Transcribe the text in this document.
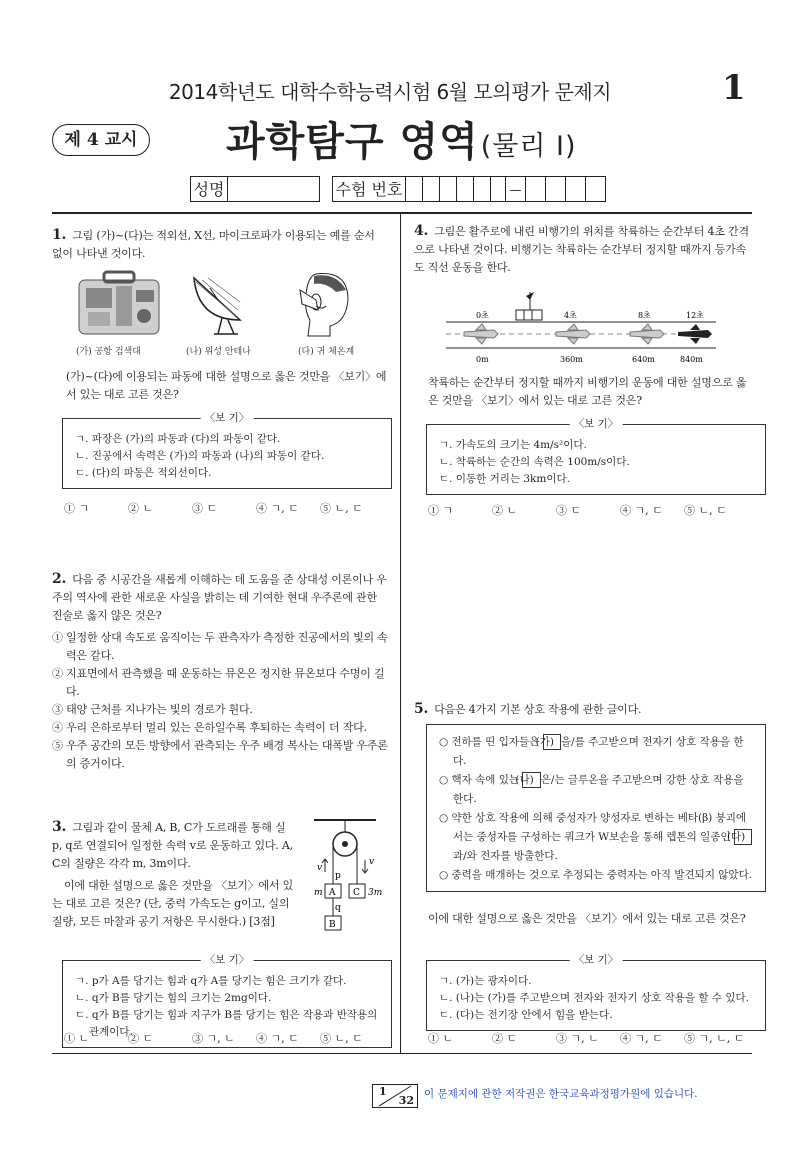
2014학년도 대학수학능력시험 6월 모의평가 문제지	1
제 4 교시	과학탐구 영역(물리 I)
성명	수험 번호	—
1. 그림 (가)~(다)는 적외선, X선, 마이크로파가 이용되는 예를 순서 없이 나타낸 것이다.
(가) 공항 검색대	(나) 위성 안테나	(다) 귀 체온계
(가)~(다)에 이용되는 파동에 대한 설명으로 옳은 것만을 〈보기〉에서 있는 대로 고른 것은?
〈보 기〉
ㄱ. 파장은 (가)의 파동과 (다)의 파동이 같다.
ㄴ. 진공에서 속력은 (가)의 파동과 (나)의 파동이 같다.
ㄷ. (다)의 파동은 적외선이다.
① ㄱ	② ㄴ	③ ㄷ	④ ㄱ, ㄷ	⑤ ㄴ, ㄷ
2. 다음 중 시공간을 새롭게 이해하는 데 도움을 준 상대성 이론이나 우주의 역사에 관한 새로운 사실을 밝히는 데 기여한 현대 우주론에 관한 진술로 옳지 않은 것은?
① 일정한 상대 속도로 움직이는 두 관측자가 측정한 진공에서의 빛의 속력은 같다.
② 지표면에서 관측했을 때 운동하는 뮤온은 정지한 뮤온보다 수명이 길다.
③ 태양 근처를 지나가는 빛의 경로가 휜다.
④ 우리 은하로부터 멀리 있는 은하일수록 후퇴하는 속력이 더 작다.
⑤ 우주 공간의 모든 방향에서 관측되는 우주 배경 복사는 대폭발 우주론의 증거이다.
3. 그림과 같이 물체 A, B, C가 도르래를 통해 실 p, q로 연결되어 일정한 속력 v로 운동하고 있다. A, C의 질량은 각각 m, 3m이다.
이에 대한 설명으로 옳은 것만을 〈보기〉에서 있는 대로 고른 것은? (단, 중력 가속도는 g이고, 실의 질량, 모든 마찰과 공기 저항은 무시한다.) [3점]
v
v
p
A C
m	3m
q
B
〈보 기〉
ㄱ. p가 A를 당기는 힘과 q가 A를 당기는 힘은 크기가 같다.
ㄴ. q가 B를 당기는 힘의 크기는 2mg이다.
ㄷ. q가 B를 당기는 힘과 지구가 B를 당기는 힘은 작용과 반작용의 관계이다.
① ㄴ	② ㄷ	③ ㄱ, ㄴ	④ ㄱ, ㄷ	⑤ ㄴ, ㄷ
4. 그림은 활주로에 내린 비행기의 위치를 착륙하는 순간부터 4초 간격으로 나타낸 것이다. 비행기는 착륙하는 순간부터 정지할 때까지 등가속도 직선 운동을 한다.
0초	4초	8초	12초
0m	360m	640m	840m
착륙하는 순간부터 정지할 때까지 비행기의 운동에 대한 설명으로 옳은 것만을 〈보기〉에서 있는 대로 고른 것은?
〈보 기〉
ㄱ. 가속도의 크기는 4m/s²이다.
ㄴ. 착륙하는 순간의 속력은 100m/s이다.
ㄷ. 이동한 거리는 3km이다.
① ㄱ	② ㄴ	③ ㄷ	④ ㄱ, ㄷ	⑤ ㄴ, ㄷ
5. 다음은 4가지 기본 상호 작용에 관한 글이다.
○ 전하를 띤 입자들은 (가) 을/를 주고받으며 전자기 상호 작용을 한다.
○ 핵자 속에 있는 (나) 은/는 글루온을 주고받으며 강한 상호 작용을 한다.
○ 약한 상호 작용에 의해 중성자가 양성자로 변하는 베타(β) 붕괴에서는 중성자를 구성하는 쿼크가 W보손을 통해 렙톤의 일종인 (다)과/와 전자를 방출한다.
○ 중력을 매개하는 것으로 추정되는 중력자는 아직 발견되지 않았다.
이에 대한 설명으로 옳은 것만을 〈보기〉에서 있는 대로 고른 것은?
〈보 기〉
ㄱ. (가)는 광자이다.
ㄴ. (나)는 (가)를 주고받으며 전자와 전자기 상호 작용을 할 수 있다.
ㄷ. (다)는 전기장 안에서 힘을 받는다.
① ㄴ	② ㄷ	③ ㄱ, ㄴ	④ ㄱ, ㄷ	⑤ ㄱ, ㄴ, ㄷ
1
32 이 문제지에 관한 저작권은 한국교육과정평가원에 있습니다.
